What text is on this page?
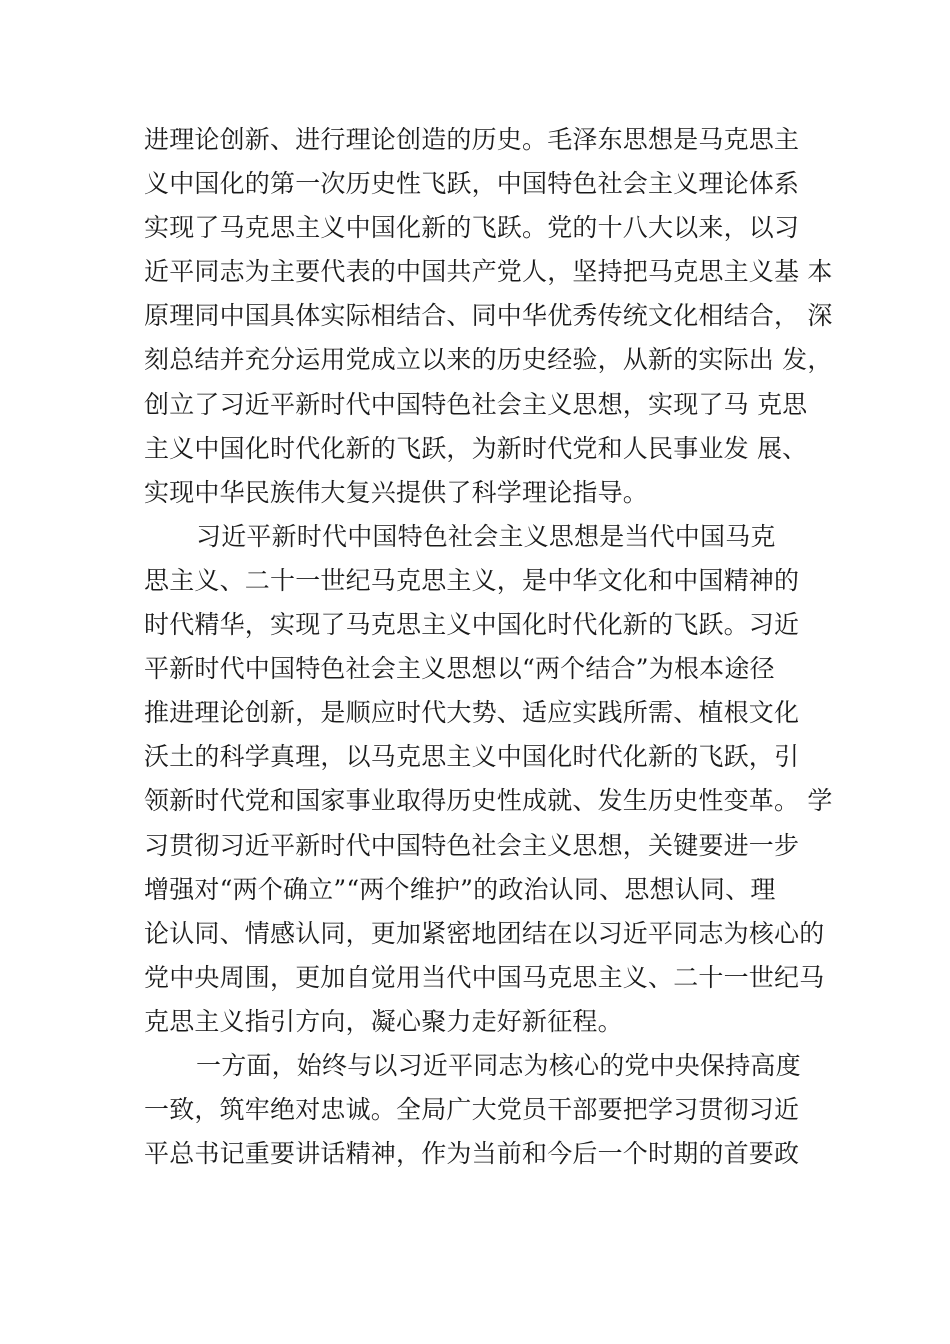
进理论创新、进行理论创造的历史。毛泽东思想是马克思主
义中国化的第一次历史性飞跃，中国特色社会主义理论体系
实现了马克思主义中国化新的飞跃。党的十八大以来，以习
近平同志为主要代表的中国共产党人，坚持把马克思主义基 本
原理同中国具体实际相结合、同中华优秀传统文化相结合， 深
刻总结并充分运用党成立以来的历史经验，从新的实际出 发，
创立了习近平新时代中国特色社会主义思想，实现了马 克思
主义中国化时代化新的飞跃，为新时代党和人民事业发 展、
实现中华民族伟大复兴提供了科学理论指导。
习近平新时代中国特色社会主义思想是当代中国马克
思主义、二十一世纪马克思主义，是中华文化和中国精神的
时代精华，实现了马克思主义中国化时代化新的飞跃。习近
平新时代中国特色社会主义思想以“两个结合”为根本途径
推进理论创新，是顺应时代大势、适应实践所需、植根文化
沃土的科学真理，以马克思主义中国化时代化新的飞跃，引
领新时代党和国家事业取得历史性成就、发生历史性变革。 学
习贯彻习近平新时代中国特色社会主义思想，关键要进一步
增强对“两个确立”“两个维护”的政治认同、思想认同、理
论认同、情感认同，更加紧密地团结在以习近平同志为核心的
党中央周围，更加自觉用当代中国马克思主义、二十一世纪马
克思主义指引方向，凝心聚力走好新征程。
一方面，始终与以习近平同志为核心的党中央保持高度
一致，筑牢绝对忠诚。全局广大党员干部要把学习贯彻习近
平总书记重要讲话精神，作为当前和今后一个时期的首要政
